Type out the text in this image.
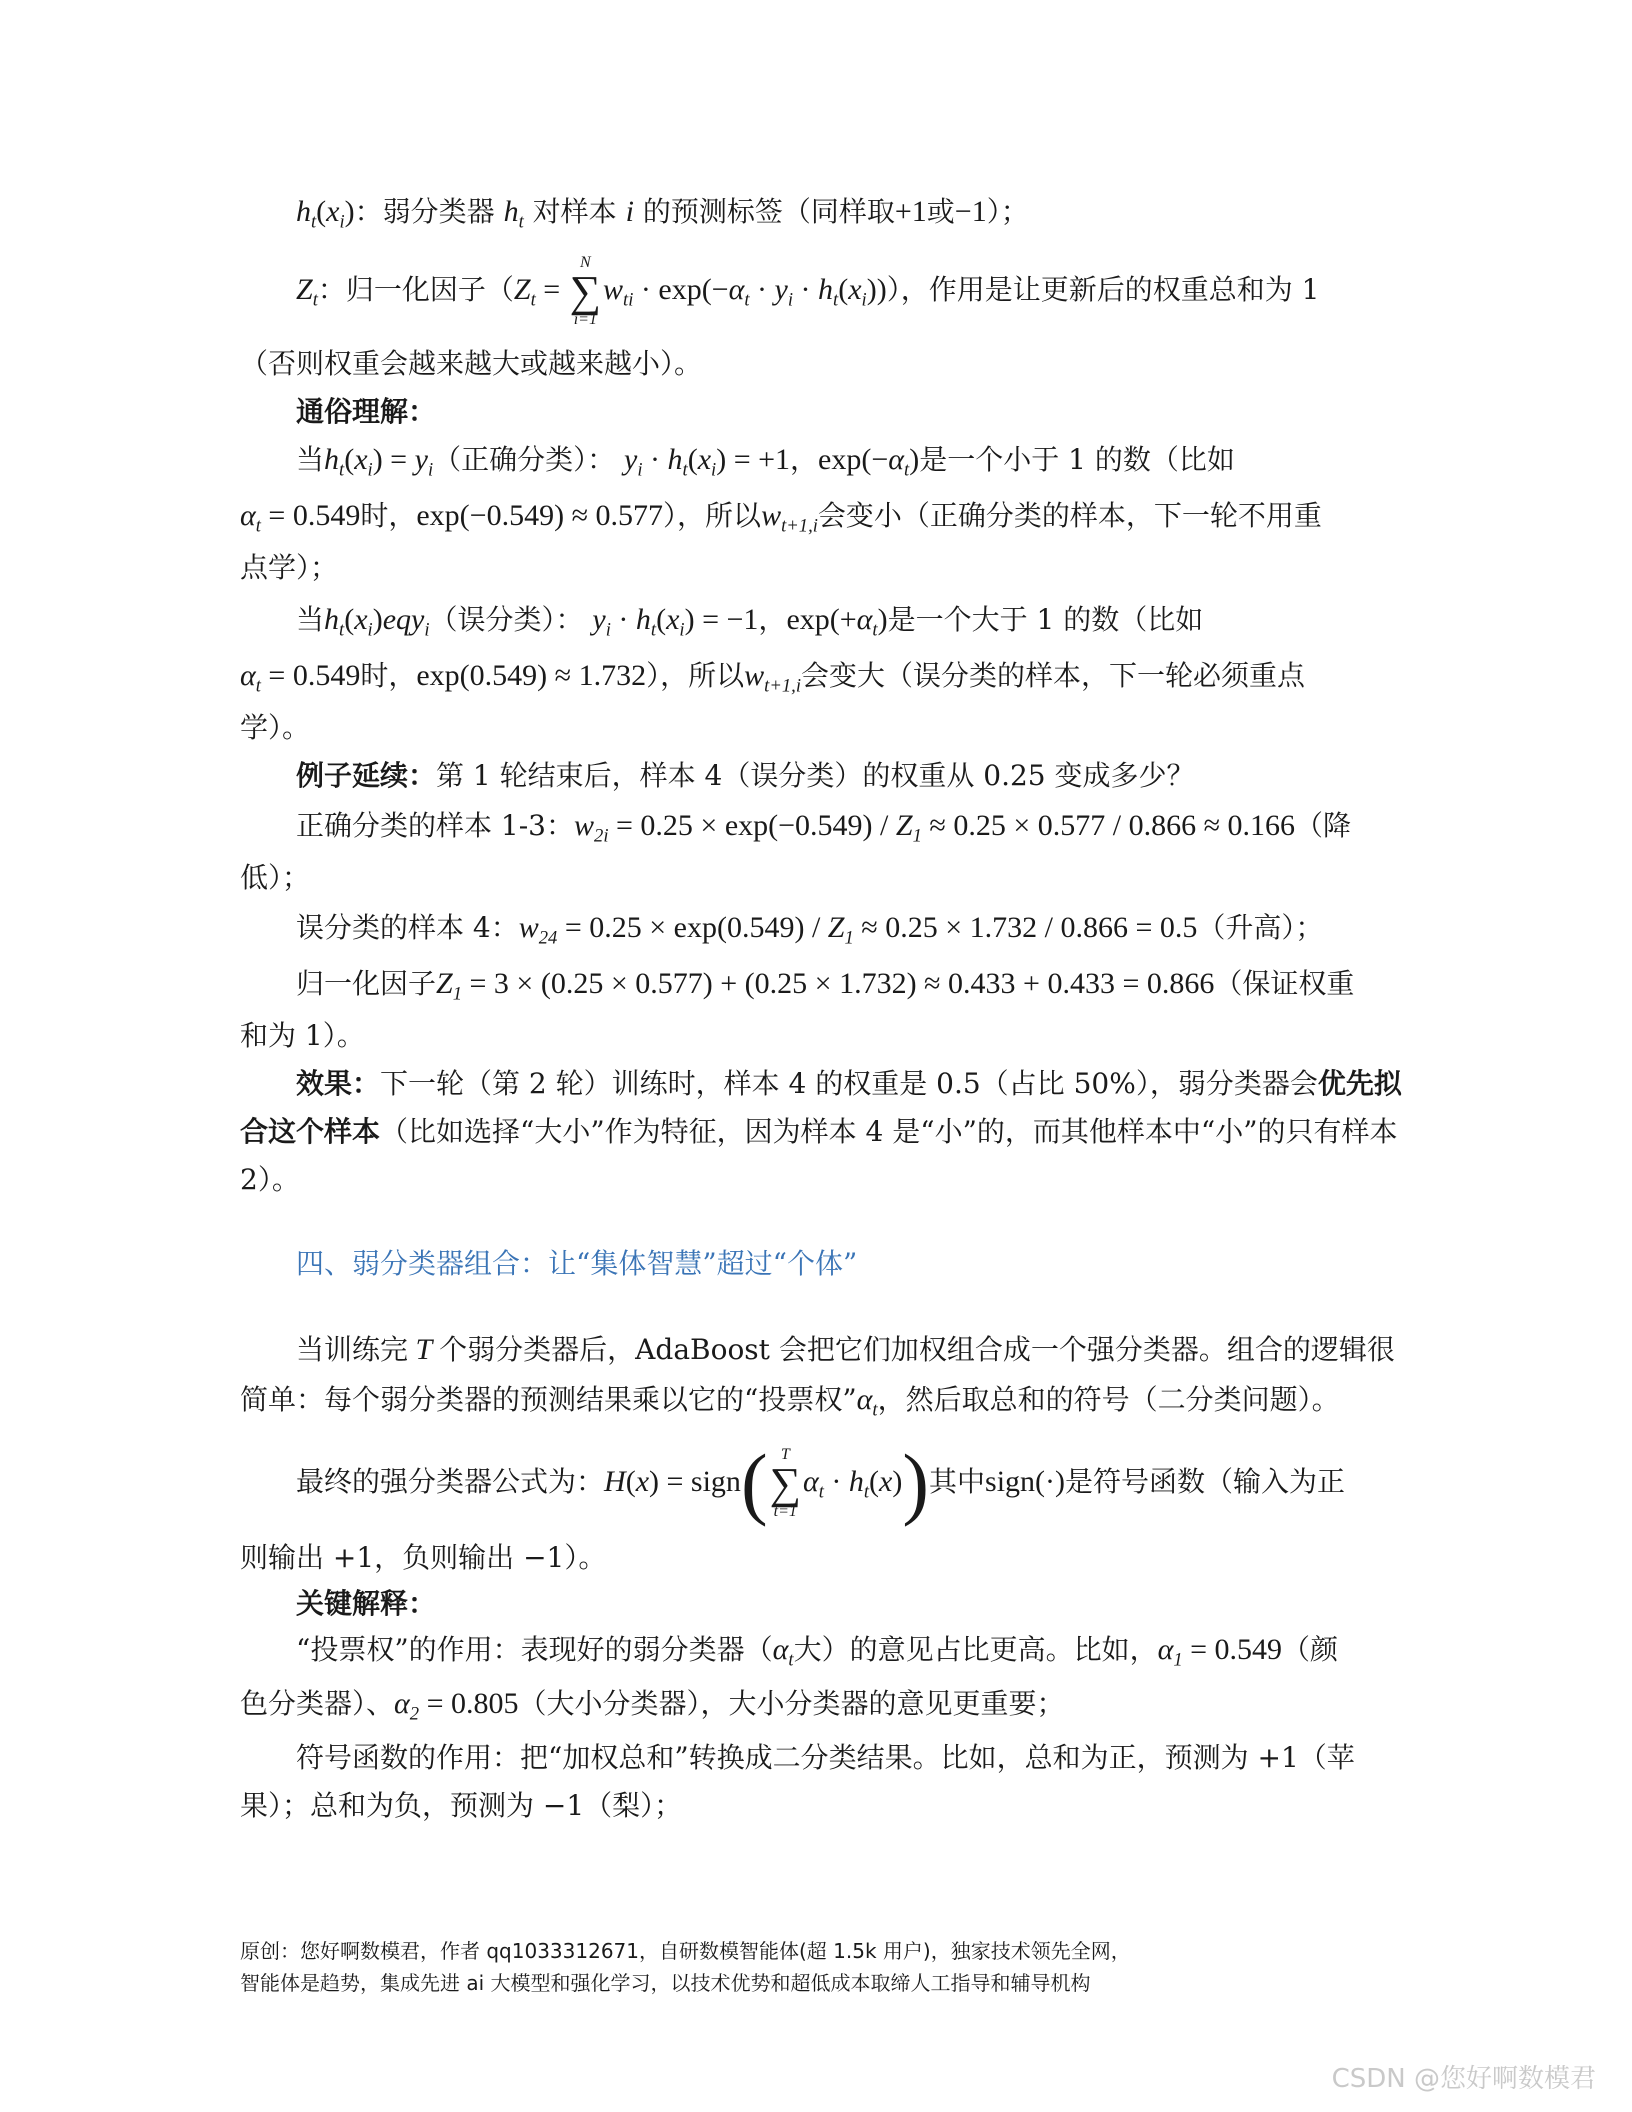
$h_t(x_i)$：弱分类器 $h_t$ 对样本 i 的预测标签（同样取+1或−1）；
$Z_t$：归一化因子（$Z_t$ =
N
∑
i=1
$w_{ti} \cdot \exp(-\alpha_t \cdot y_i \cdot h_t(x_i))$），作用是让更新后的权重总和为 1
（否则权重会越来越大或越来越小）。
通俗理解：
当$h_t(x_i) = y_i$（正确分类）： $y_i \cdot h_t(x_i) = +1$，$\exp(-\alpha_t)$是一个小于 1 的数（比如
$\alpha_t = 0.549$时，exp(−0.549) ≈ 0.577），所以$w_{t+1,i}$会变小（正确分类的样本，下一轮不用重
点学）；
当$h_t(x_i)eqy_i$（误分类）： $y_i \cdot h_t(x_i) = -1$，$\exp(+\alpha_t)$是一个大于 1 的数（比如
$\alpha_t = 0.549$时，exp(0.549) ≈ 1.732），所以$w_{t+1,i}$会变大（误分类的样本，下一轮必须重点
学）。
例子延续：第 1 轮结束后，样本 4（误分类）的权重从 0.25 变成多少？
正确分类的样本 1-3：$w_{2i} = 0.25 \times \exp(-0.549) / Z_1 \approx 0.25 \times 0.577 / 0.866 \approx 0.166$（降
低）；
误分类的样本 4：$w_{24} = 0.25 \times \exp(0.549) / Z_1 \approx 0.25 \times 1.732 / 0.866 = 0.5$（升高）；
归一化因子$Z_1 = 3 \times (0.25 \times 0.577) + (0.25 \times 1.732) \approx 0.433 + 0.433 = 0.866$（保证权重
和为 1）。
效果：下一轮（第 2 轮）训练时，样本 4 的权重是 0.5（占比 50%），弱分类器会优先拟
合这个样本（比如选择“大小”作为特征，因为样本 4 是“小”的，而其他样本中“小”的只有样本
2）。
四、弱分类器组合：让“集体智慧”超过“个体”
当训练完 T 个弱分类器后，AdaBoost 会把它们加权组合成一个强分类器。组合的逻辑很
简单：每个弱分类器的预测结果乘以它的“投票权$”\alpha_t$，然后取总和的符号（二分类问题）。
最终的强分类器公式为：H(x) = sign( T
∑
t=1
$\alpha_t \cdot h_t(x)$)其中sign(·)是符号函数（输入为正
则输出 +1，负则输出 −1）。
关键解释：
“投票权”的作用：表现好的弱分类器（$\alpha_t$大）的意见占比更高。比如，$\alpha_1 = 0.549$（颜
色分类器）、$\alpha_2 = 0.805$（大小分类器），大小分类器的意见更重要；
符号函数的作用：把“加权总和”转换成二分类结果。比如，总和为正，预测为 +1（苹
果）；总和为负，预测为 −1（梨）；
原创：您好啊数模君，作者 qq1033312671，自研数模智能体(超 1.5k 用户)，独家技术领先全网，
智能体是趋势，集成先进 ai 大模型和强化学习，以技术优势和超低成本取缔人工指导和辅导机构
CSDN @您好啊数模君
